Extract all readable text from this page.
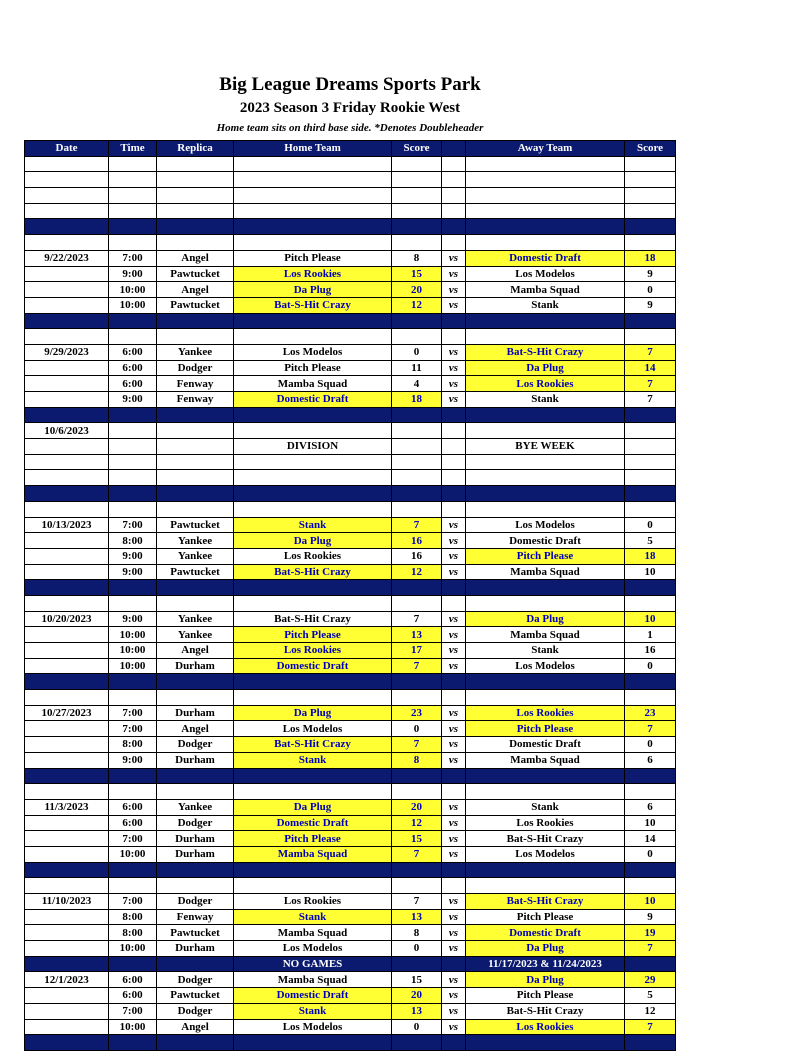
Big League Dreams Sports Park
2023 Season 3 Friday Rookie West
Home team sits on third base side. *Denotes Doubleheader
Date	Time	Replica	Home Team	Score		Away Team	Score

9/22/2023	7:00	Angel	Pitch Please	8	vs	Domestic Draft	18
	9:00	Pawtucket	Los Rookies	15	vs	Los Modelos	9
	10:00	Angel	Da Plug	20	vs	Mamba Squad	0
	10:00	Pawtucket	Bat-S-Hit Crazy	12	vs	Stank	9

9/29/2023	6:00	Yankee	Los Modelos	0	vs	Bat-S-Hit Crazy	7
	6:00	Dodger	Pitch Please	11	vs	Da Plug	14
	6:00	Fenway	Mamba Squad	4	vs	Los Rookies	7
	9:00	Fenway	Domestic Draft	18	vs	Stank	7

10/6/2023							
			DIVISION			BYE WEEK	

10/13/2023	7:00	Pawtucket	Stank	7	vs	Los Modelos	0
	8:00	Yankee	Da Plug	16	vs	Domestic Draft	5
	9:00	Yankee	Los Rookies	16	vs	Pitch Please	18
	9:00	Pawtucket	Bat-S-Hit Crazy	12	vs	Mamba Squad	10

10/20/2023	9:00	Yankee	Bat-S-Hit Crazy	7	vs	Da Plug	10
	10:00	Yankee	Pitch Please	13	vs	Mamba Squad	1
	10:00	Angel	Los Rookies	17	vs	Stank	16
	10:00	Durham	Domestic Draft	7	vs	Los Modelos	0

10/27/2023	7:00	Durham	Da Plug	23	vs	Los Rookies	23
	7:00	Angel	Los Modelos	0	vs	Pitch Please	7
	8:00	Dodger	Bat-S-Hit Crazy	7	vs	Domestic Draft	0
	9:00	Durham	Stank	8	vs	Mamba Squad	6

11/3/2023	6:00	Yankee	Da Plug	20	vs	Stank	6
	6:00	Dodger	Domestic Draft	12	vs	Los Rookies	10
	7:00	Durham	Pitch Please	15	vs	Bat-S-Hit Crazy	14
	10:00	Durham	Mamba Squad	7	vs	Los Modelos	0

11/10/2023	7:00	Dodger	Los Rookies	7	vs	Bat-S-Hit Crazy	10
	8:00	Fenway	Stank	13	vs	Pitch Please	9
	8:00	Pawtucket	Mamba Squad	8	vs	Domestic Draft	19
	10:00	Durham	Los Modelos	0	vs	Da Plug	7
			NO GAMES			11/17/2023 & 11/24/2023	
12/1/2023	6:00	Dodger	Mamba Squad	15	vs	Da Plug	29
	6:00	Pawtucket	Domestic Draft	20	vs	Pitch Please	5
	7:00	Dodger	Stank	13	vs	Bat-S-Hit Crazy	12
	10:00	Angel	Los Modelos	0	vs	Los Rookies	7
